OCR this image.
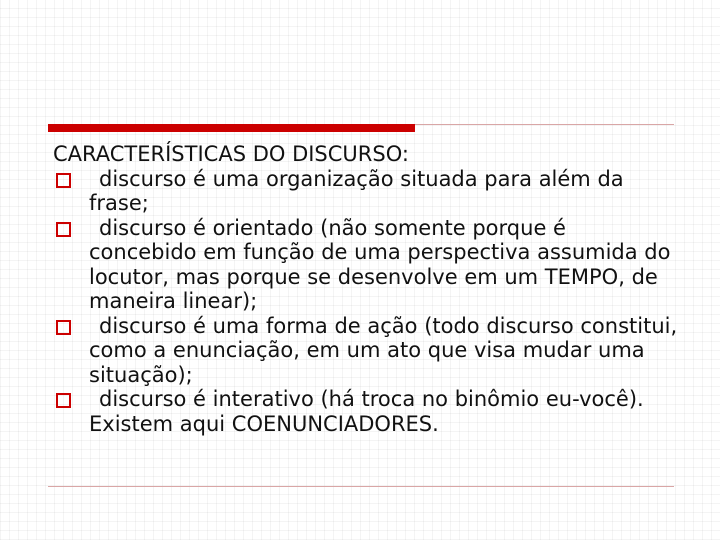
CARACTERÍSTICAS DO DISCURSO:
discurso é uma organização situada para além da frase;
discurso é orientado (não somente porque é concebido em função de uma perspectiva assumida do locutor, mas porque se desenvolve em um TEMPO, de maneira linear);
discurso é uma forma de ação (todo discurso constitui, como a enunciação, em um ato que visa mudar uma situação);
discurso é interativo (há troca no binômio eu-você). Existem aqui COENUNCIADORES.
